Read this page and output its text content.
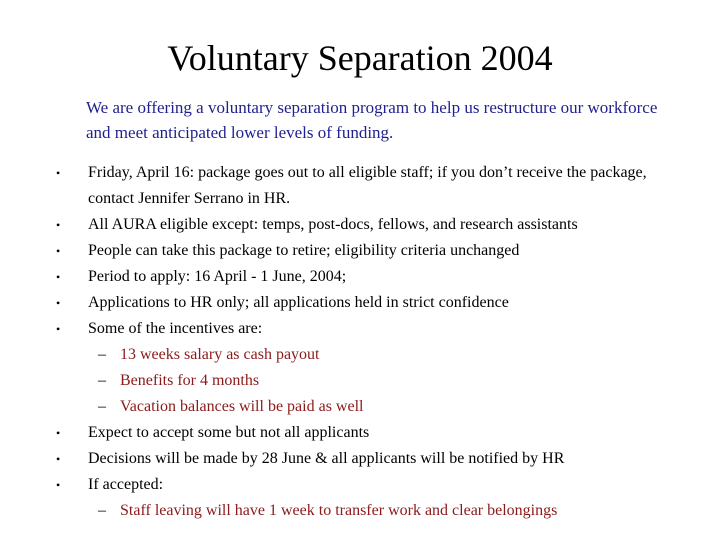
Voluntary Separation 2004
We are offering a voluntary separation program to help us restructure our workforce and meet anticipated lower levels of funding.
•	Friday, April 16: package goes out to all eligible staff; if you don’t receive the package, contact Jennifer Serrano in HR.
•	All AURA eligible except: temps, post-docs, fellows, and research assistants
•	People can take this package to retire; eligibility criteria unchanged
•	Period to apply: 16 April - 1 June, 2004;
•	Applications to HR only; all applications held in strict confidence
•	Some of the incentives are:
– 13 weeks salary as cash payout
– Benefits for 4 months
– Vacation balances will be paid as well
•	Expect to accept some but not all applicants
•	Decisions will be made by 28 June & all applicants will be notified by HR
•	If accepted:
– Staff leaving will have 1 week to transfer work and clear belongings
